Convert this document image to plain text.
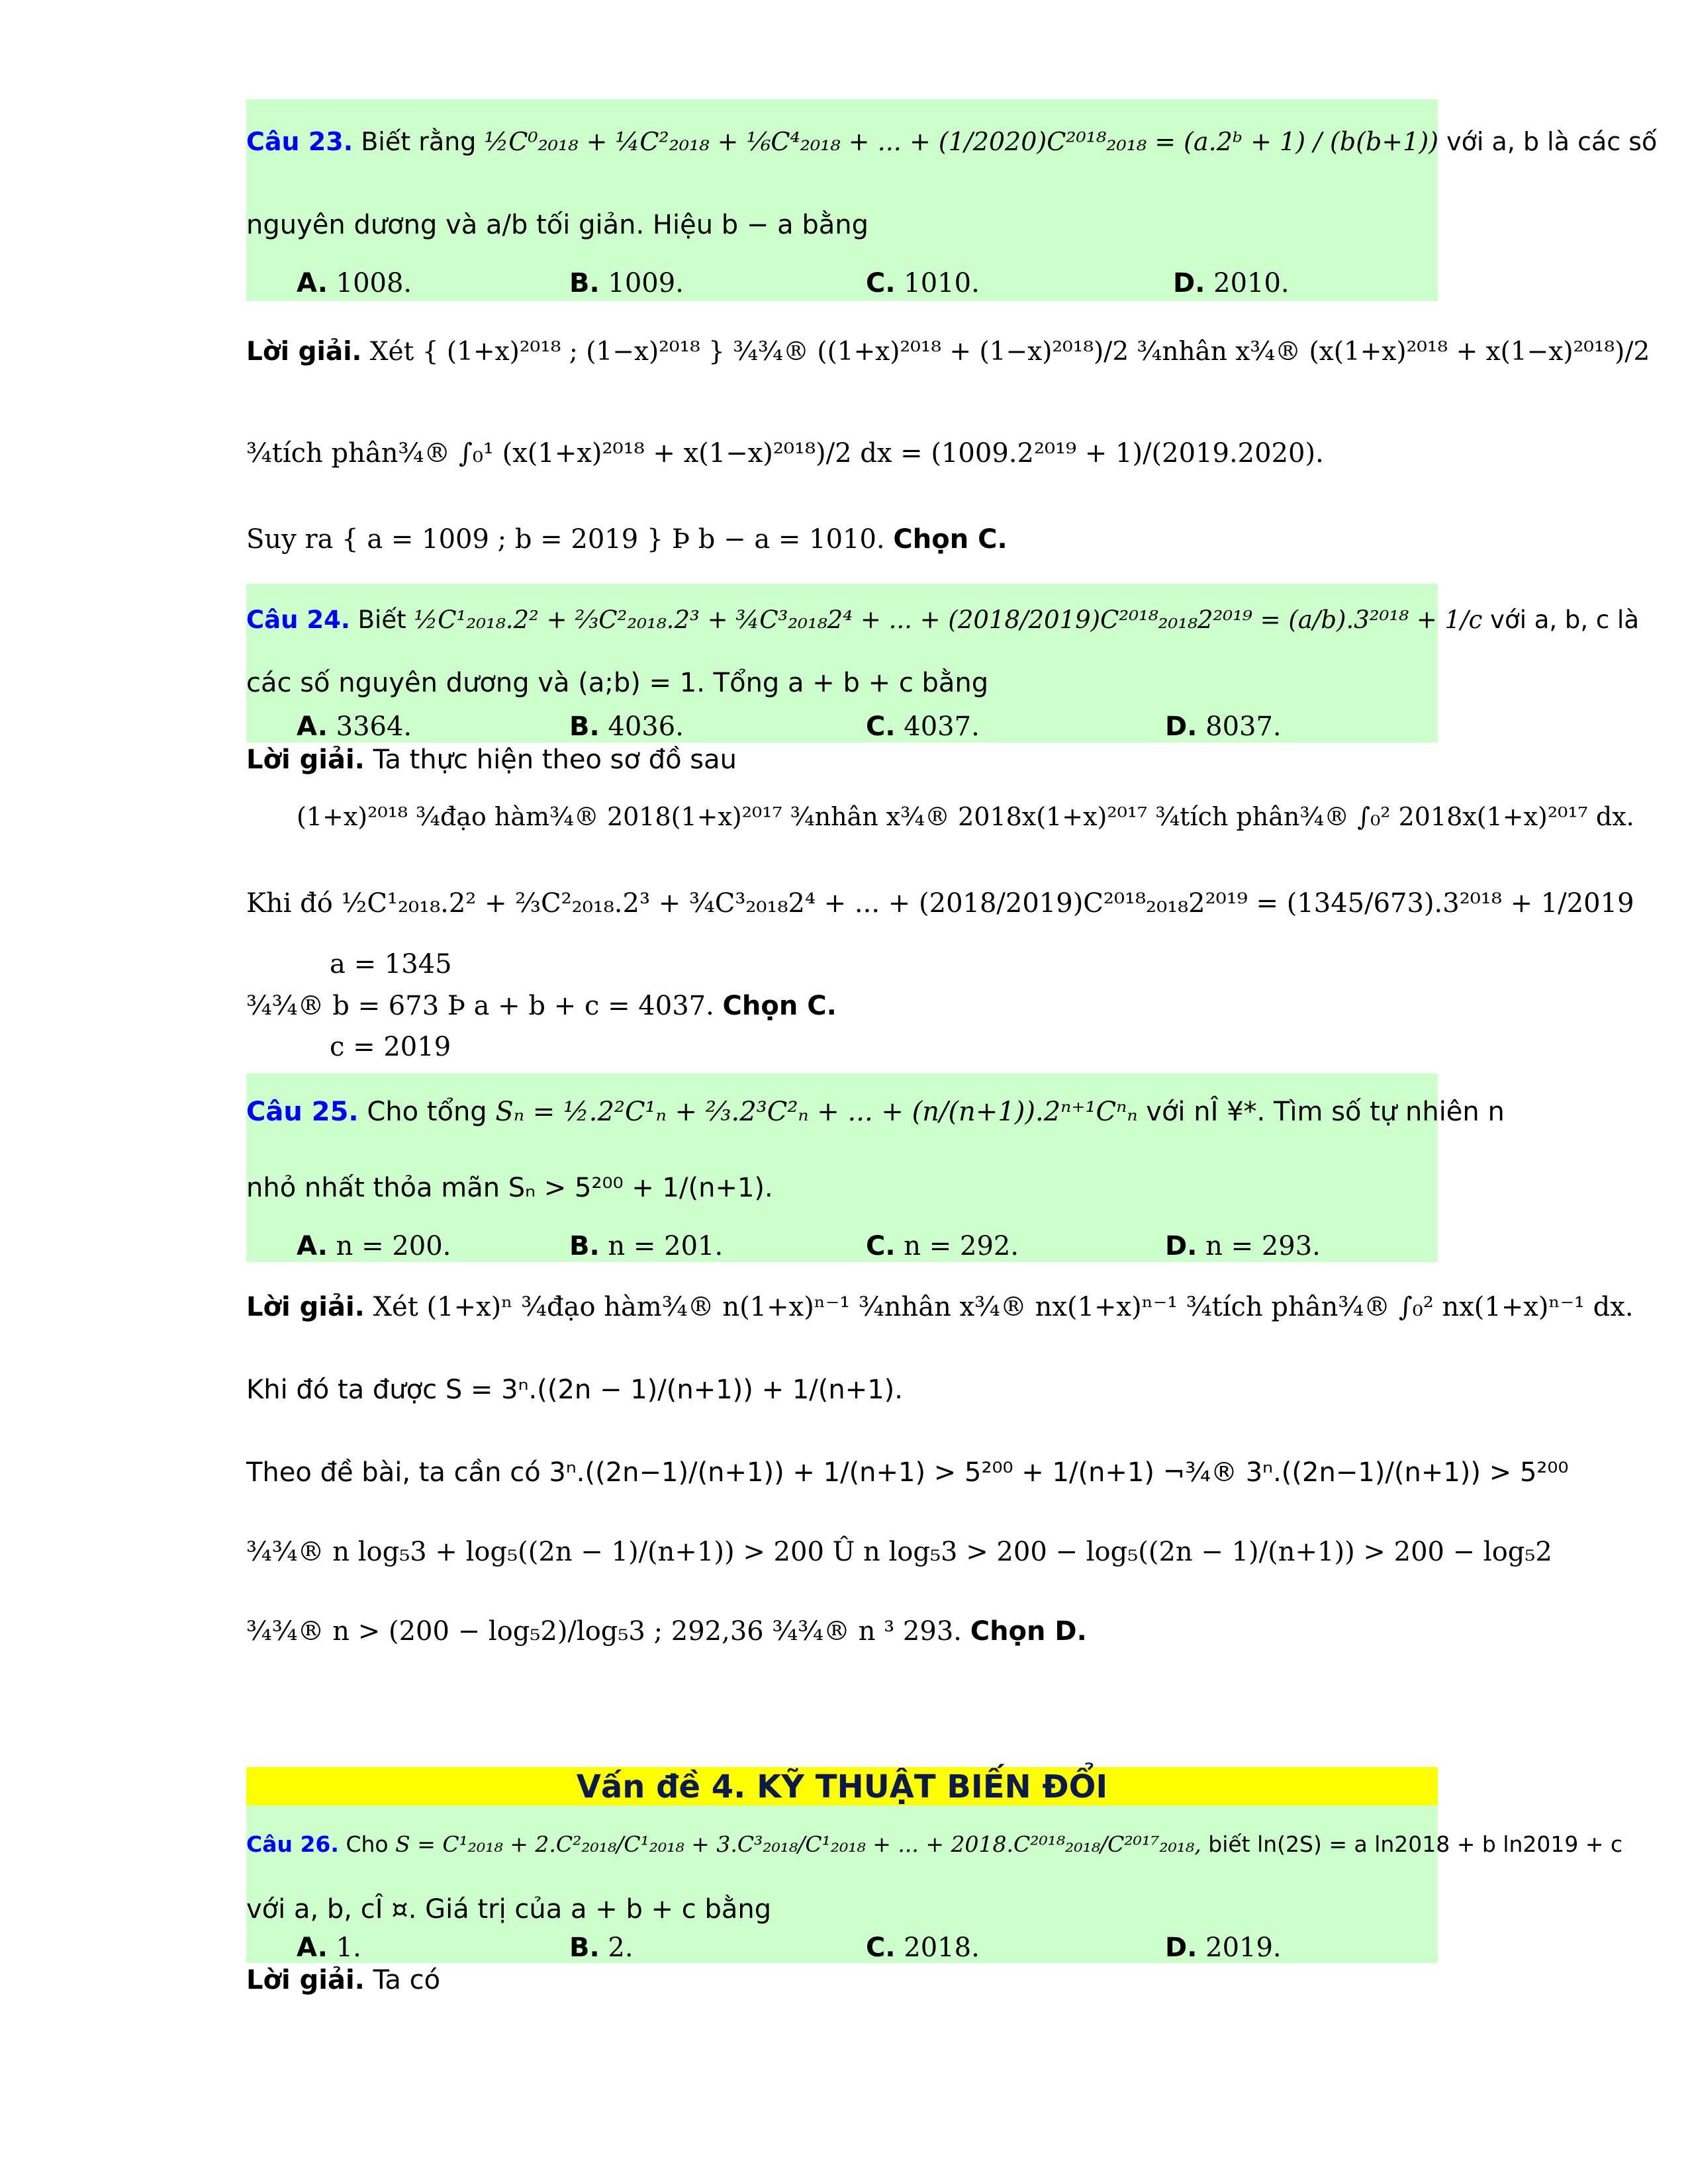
Câu 23. Biết rằng ½C⁰₂₀₁₈ + ¼C²₂₀₁₈ + ⅙C⁴₂₀₁₈ + ... + (1/2020)C²⁰¹⁸₂₀₁₈ = (a.2ᵇ + 1) / (b(b+1)) với a, b là các số
nguyên dương và a/b tối giản. Hiệu b − a bằng
A. 1008.	B. 1009.	C. 1010.	D. 2010.
Lời giải. Xét { (1+x)²⁰¹⁸ ; (1−x)²⁰¹⁸ } ¾¾® ((1+x)²⁰¹⁸ + (1−x)²⁰¹⁸)/2 ¾nhân x¾® (x(1+x)²⁰¹⁸ + x(1−x)²⁰¹⁸)/2
¾tích phân¾® ∫₀¹ (x(1+x)²⁰¹⁸ + x(1−x)²⁰¹⁸)/2 dx = (1009.2²⁰¹⁹ + 1)/(2019.2020).
Suy ra { a = 1009 ; b = 2019 } Þ b − a = 1010. Chọn C.
Câu 24. Biết ½C¹₂₀₁₈.2² + ⅔C²₂₀₁₈.2³ + ¾C³₂₀₁₈2⁴ + ... + (2018/2019)C²⁰¹⁸₂₀₁₈2²⁰¹⁹ = (a/b).3²⁰¹⁸ + 1/c với a, b, c là
các số nguyên dương và (a;b) = 1. Tổng a + b + c bằng
A. 3364.	B. 4036.	C. 4037.	D. 8037.
Lời giải. Ta thực hiện theo sơ đồ sau
(1+x)²⁰¹⁸ ¾đạo hàm¾® 2018(1+x)²⁰¹⁷ ¾nhân x¾® 2018x(1+x)²⁰¹⁷ ¾tích phân¾® ∫₀² 2018x(1+x)²⁰¹⁷ dx.
Khi đó ½C¹₂₀₁₈.2² + ⅔C²₂₀₁₈.2³ + ¾C³₂₀₁₈2⁴ + ... + (2018/2019)C²⁰¹⁸₂₀₁₈2²⁰¹⁹ = (1345/673).3²⁰¹⁸ + 1/2019
a = 1345
¾¾® b = 673 Þ a + b + c = 4037. Chọn C.
c = 2019
Câu 25. Cho tổng Sₙ = ½.2²C¹ₙ + ⅔.2³C²ₙ + ... + (n/(n+1)).2ⁿ⁺¹Cⁿₙ với nÎ ¥*. Tìm số tự nhiên n
nhỏ nhất thỏa mãn Sₙ > 5²⁰⁰ + 1/(n+1).
A. n = 200.	B. n = 201.	C. n = 292.	D. n = 293.
Lời giải. Xét (1+x)ⁿ ¾đạo hàm¾® n(1+x)ⁿ⁻¹ ¾nhân x¾® nx(1+x)ⁿ⁻¹ ¾tích phân¾® ∫₀² nx(1+x)ⁿ⁻¹ dx.
Khi đó ta được S = 3ⁿ.((2n − 1)/(n+1)) + 1/(n+1).
Theo đề bài, ta cần có 3ⁿ.((2n−1)/(n+1)) + 1/(n+1) > 5²⁰⁰ + 1/(n+1) ¬¾® 3ⁿ.((2n−1)/(n+1)) > 5²⁰⁰
¾¾® n log₅3 + log₅((2n − 1)/(n+1)) > 200 Û n log₅3 > 200 − log₅((2n − 1)/(n+1)) > 200 − log₅2
¾¾® n > (200 − log₅2)/log₅3 ; 292,36 ¾¾® n ³ 293. Chọn D.
Vấn đề 4. KỸ THUẬT BIẾN ĐỔI
Câu 26. Cho S = C¹₂₀₁₈ + 2.C²₂₀₁₈/C¹₂₀₁₈ + 3.C³₂₀₁₈/C¹₂₀₁₈ + ... + 2018.C²⁰¹⁸₂₀₁₈/C²⁰¹⁷₂₀₁₈, biết ln(2S) = a ln2018 + b ln2019 + c
với a, b, cÎ ¤. Giá trị của a + b + c bằng
A. 1.	B. 2.	C. 2018.	D. 2019.
Lời giải. Ta có
